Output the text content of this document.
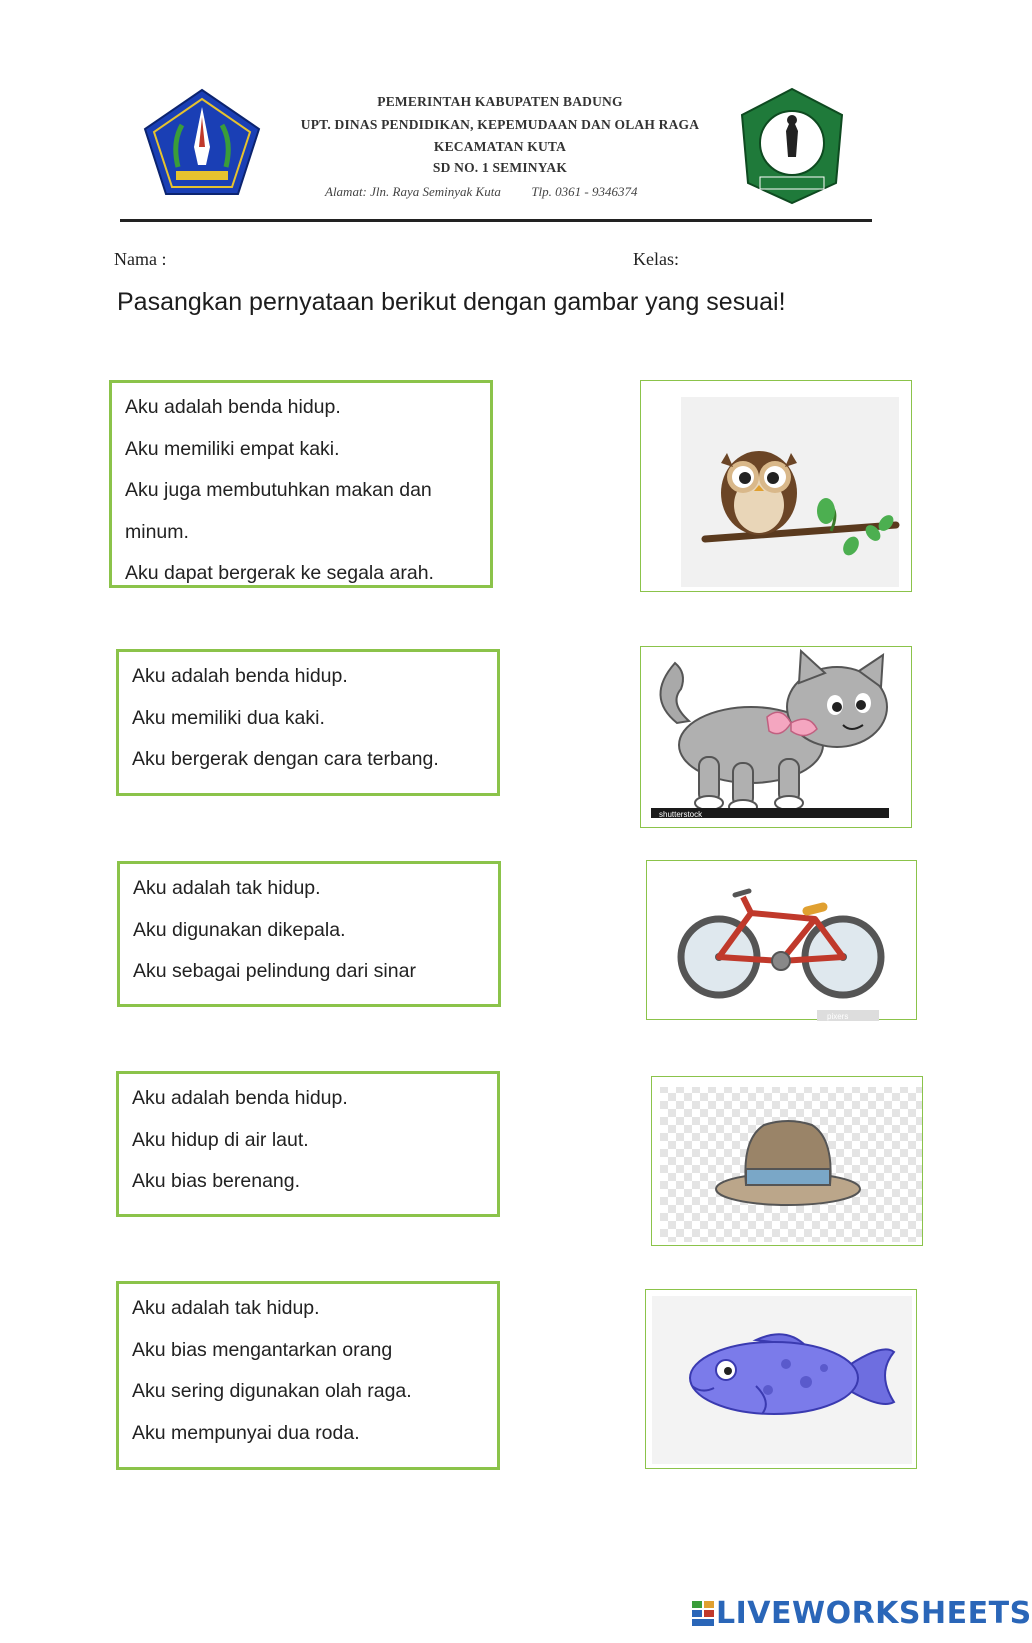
PEMERINTAH KABUPATEN BADUNG
UPT. DINAS PENDIDIKAN, KEPEMUDAAN DAN OLAH RAGA
KECAMATAN KUTA
SD NO. 1 SEMINYAK
Alamat: Jln. Raya Seminyak Kuta Tlp. 0361 - 9346374
Nama :	Kelas:
Pasangkan pernyataan berikut dengan gambar yang sesuai!

Aku adalah benda hidup.

Aku memiliki empat kaki.

Aku juga membutuhkan makan dan

minum.

Aku dapat bergerak ke segala arah.

Aku adalah benda hidup.

Aku memiliki dua kaki.

Aku bergerak dengan cara terbang.

Aku adalah tak hidup.

Aku digunakan dikepala.

Aku sebagai pelindung dari sinar

Aku adalah benda hidup.

Aku hidup di air laut.

Aku bias berenang.

Aku adalah tak hidup.

Aku bias mengantarkan orang

Aku sering digunakan olah raga.

Aku mempunyai dua roda.

shutterstock
pixers
LIVEWORKSHEETS
